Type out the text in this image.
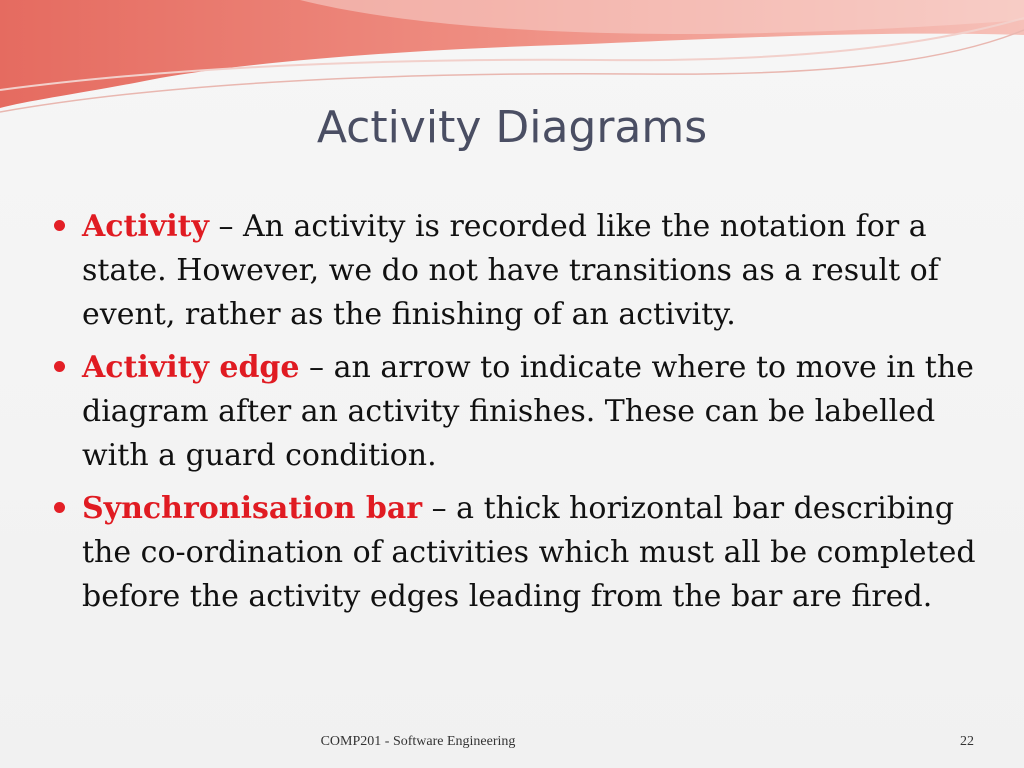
Activity Diagrams
Activity – An activity is recorded like the notation for a state. However, we do not have transitions as a result of event, rather as the finishing of an activity.
Activity edge – an arrow to indicate where to move in the diagram after an activity finishes. These can be labelled with a guard condition.
Synchronisation bar – a thick horizontal bar describing the co-ordination of activities which must all be completed before the activity edges leading from the bar are fired.
COMP201 - Software Engineering	22
